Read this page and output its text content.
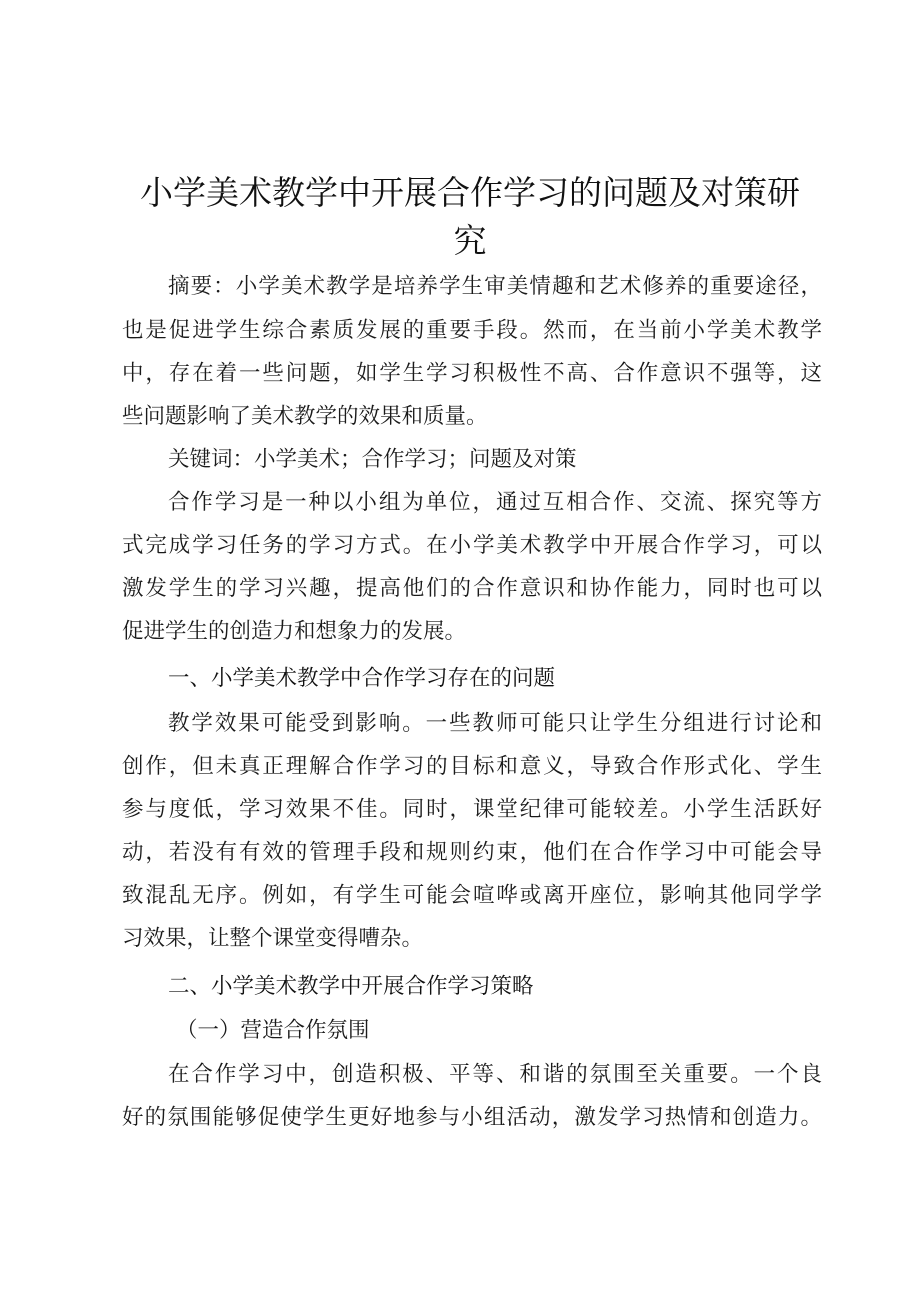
小学美术教学中开展合作学习的问题及对策研
究
摘要：小学美术教学是培养学生审美情趣和艺术修养的重要途径，
也是促进学生综合素质发展的重要手段。然而，在当前小学美术教学
中，存在着一些问题，如学生学习积极性不高、合作意识不强等，这
些问题影响了美术教学的效果和质量。
关键词：小学美术；合作学习；问题及对策
合作学习是一种以小组为单位，通过互相合作、交流、探究等方
式完成学习任务的学习方式。在小学美术教学中开展合作学习，可以
激发学生的学习兴趣，提高他们的合作意识和协作能力，同时也可以
促进学生的创造力和想象力的发展。
一、小学美术教学中合作学习存在的问题
教学效果可能受到影响。一些教师可能只让学生分组进行讨论和
创作，但未真正理解合作学习的目标和意义，导致合作形式化、学生
参与度低，学习效果不佳。同时，课堂纪律可能较差。小学生活跃好
动，若没有有效的管理手段和规则约束，他们在合作学习中可能会导
致混乱无序。例如，有学生可能会喧哗或离开座位，影响其他同学学
习效果，让整个课堂变得嘈杂。
二、小学美术教学中开展合作学习策略
（一）营造合作氛围
在合作学习中，创造积极、平等、和谐的氛围至关重要。一个良
好的氛围能够促使学生更好地参与小组活动，激发学习热情和创造力。
